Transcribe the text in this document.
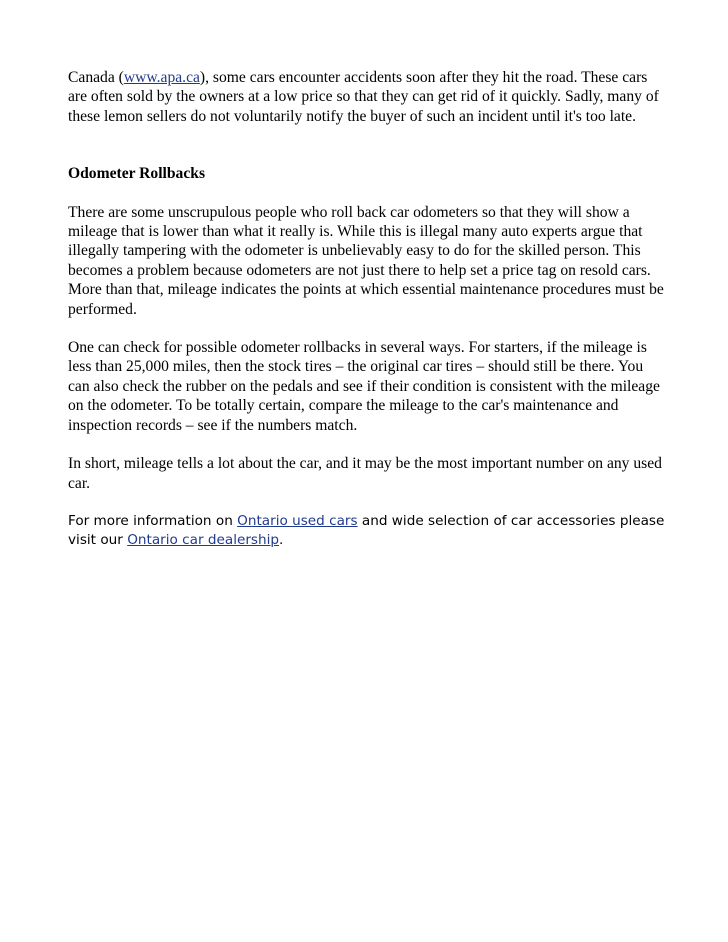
Canada (www.apa.ca), some cars encounter accidents soon after they hit the road. These cars are often sold by the owners at a low price so that they can get rid of it quickly. Sadly, many of these lemon sellers do not voluntarily notify the buyer of such an incident until it's too late.

Odometer Rollbacks

There are some unscrupulous people who roll back car odometers so that they will show a mileage that is lower than what it really is. While this is illegal many auto experts argue that illegally tampering with the odometer is unbelievably easy to do for the skilled person. This becomes a problem because odometers are not just there to help set a price tag on resold cars. More than that, mileage indicates the points at which essential maintenance procedures must be performed.

One can check for possible odometer rollbacks in several ways. For starters, if the mileage is less than 25,000 miles, then the stock tires – the original car tires – should still be there. You can also check the rubber on the pedals and see if their condition is consistent with the mileage on the odometer. To be totally certain, compare the mileage to the car's maintenance and inspection records – see if the numbers match.

In short, mileage tells a lot about the car, and it may be the most important number on any used car.

For more information on Ontario used cars and wide selection of car accessories please visit our Ontario car dealership.
